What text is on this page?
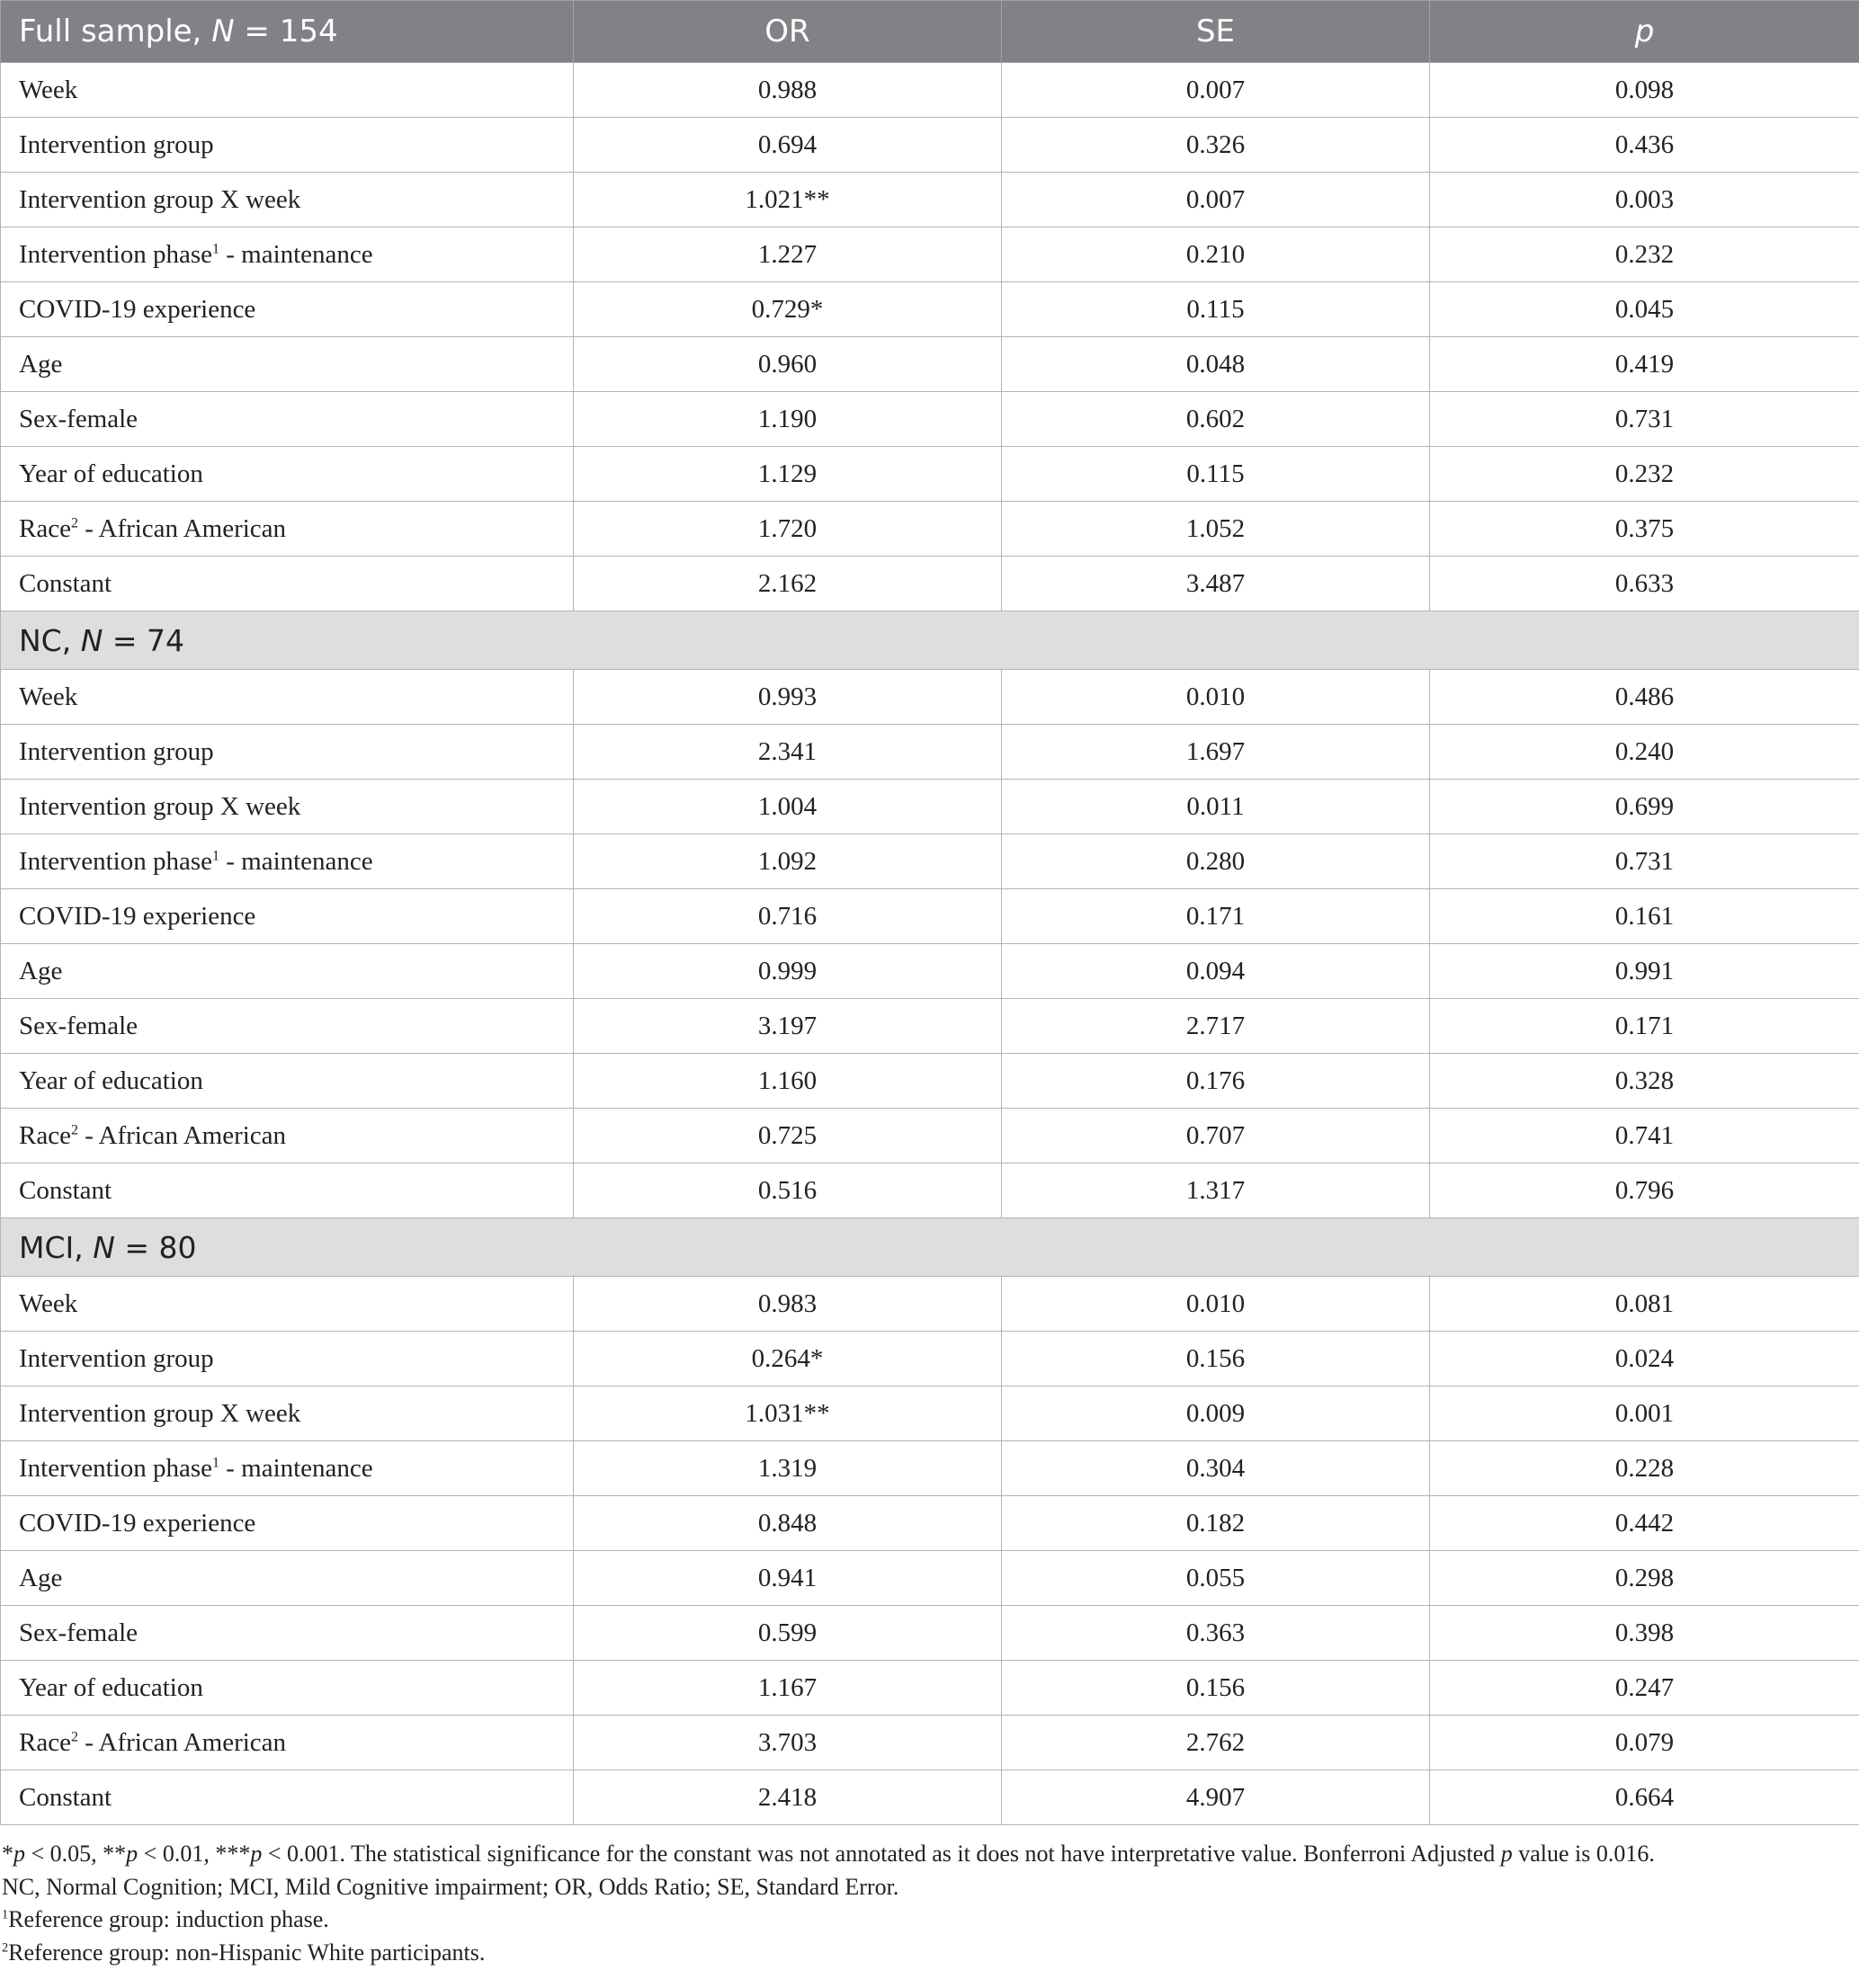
Full sample, N = 154	OR	SE	p
Week	0.988	0.007	0.098
Intervention group	0.694	0.326	0.436
Intervention group X week	1.021**	0.007	0.003
Intervention phase$^1$ - maintenance	1.227	0.210	0.232
COVID-19 experience	0.729*	0.115	0.045
Age	0.960	0.048	0.419
Sex-female	1.190	0.602	0.731
Year of education	1.129	0.115	0.232
Race$^2$ - African American	1.720	1.052	0.375
Constant	2.162	3.487	0.633
NC, N = 74			
Week	0.993	0.010	0.486
Intervention group	2.341	1.697	0.240
Intervention group X week	1.004	0.011	0.699
Intervention phase$^1$ - maintenance	1.092	0.280	0.731
COVID-19 experience	0.716	0.171	0.161
Age	0.999	0.094	0.991
Sex-female	3.197	2.717	0.171
Year of education	1.160	0.176	0.328
Race$^2$ - African American	0.725	0.707	0.741
Constant	0.516	1.317	0.796
MCI, N = 80			
Week	0.983	0.010	0.081
Intervention group	0.264*	0.156	0.024
Intervention group X week	1.031**	0.009	0.001
Intervention phase$^1$ - maintenance	1.319	0.304	0.228
COVID-19 experience	0.848	0.182	0.442
Age	0.941	0.055	0.298
Sex-female	0.599	0.363	0.398
Year of education	1.167	0.156	0.247
Race$^2$ - African American	3.703	2.762	0.079
Constant	2.418	4.907	0.664
*p < 0.05, **p < 0.01, ***p < 0.001. The statistical significance for the constant was not annotated as it does not have interpretative value. Bonferroni Adjusted p value is 0.016.
NC, Normal Cognition; MCI, Mild Cognitive impairment; OR, Odds Ratio; SE, Standard Error.
$^1$Reference group: induction phase.
$^2$Reference group: non-Hispanic White participants.
